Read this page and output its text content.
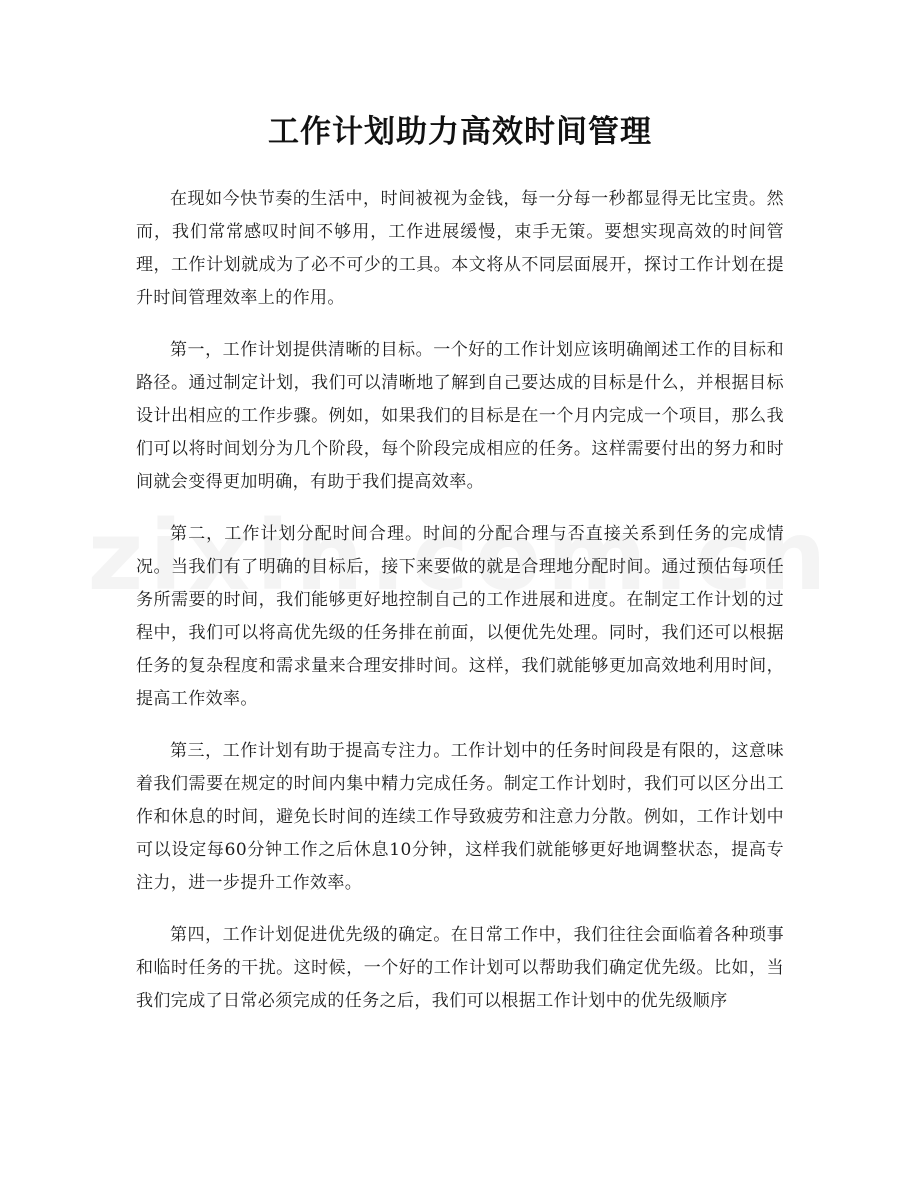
工作计划助力高效时间管理

在现如今快节奏的生活中，时间被视为金钱，每一分每一秒都显得无比宝贵。然而，我们常常感叹时间不够用，工作进展缓慢，束手无策。要想实现高效的时间管理，工作计划就成为了必不可少的工具。本文将从不同层面展开，探讨工作计划在提升时间管理效率上的作用。

第一，工作计划提供清晰的目标。一个好的工作计划应该明确阐述工作的目标和路径。通过制定计划，我们可以清晰地了解到自己要达成的目标是什么，并根据目标设计出相应的工作步骤。例如，如果我们的目标是在一个月内完成一个项目，那么我们可以将时间划分为几个阶段，每个阶段完成相应的任务。这样需要付出的努力和时间就会变得更加明确，有助于我们提高效率。

第二，工作计划分配时间合理。时间的分配合理与否直接关系到任务的完成情况。当我们有了明确的目标后，接下来要做的就是合理地分配时间。通过预估每项任务所需要的时间，我们能够更好地控制自己的工作进展和进度。在制定工作计划的过程中，我们可以将高优先级的任务排在前面，以便优先处理。同时，我们还可以根据任务的复杂程度和需求量来合理安排时间。这样，我们就能够更加高效地利用时间，提高工作效率。

第三，工作计划有助于提高专注力。工作计划中的任务时间段是有限的，这意味着我们需要在规定的时间内集中精力完成任务。制定工作计划时，我们可以区分出工作和休息的时间，避免长时间的连续工作导致疲劳和注意力分散。例如，工作计划中可以设定每60分钟工作之后休息10分钟，这样我们就能够更好地调整状态，提高专注力，进一步提升工作效率。

第四，工作计划促进优先级的确定。在日常工作中，我们往往会面临着各种琐事和临时任务的干扰。这时候，一个好的工作计划可以帮助我们确定优先级。比如，当我们完成了日常必须完成的任务之后，我们可以根据工作计划中的优先级顺序
